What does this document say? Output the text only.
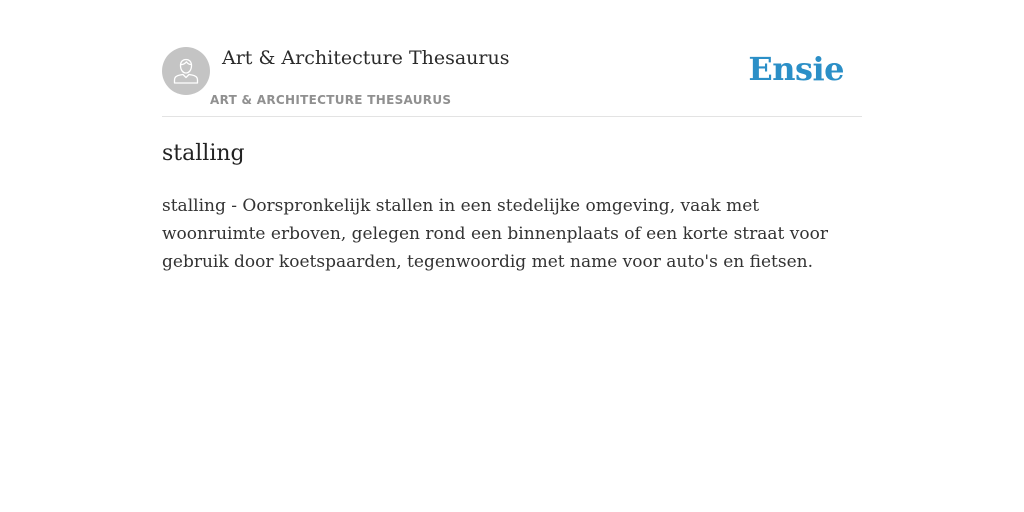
Art & Architecture Thesaurus
ART & ARCHITECTURE THESAURUS
Ensie
stalling

stalling - Oorspronkelijk stallen in een stedelijke omgeving, vaak met woonruimte erboven, gelegen rond een binnenplaats of een korte straat voor gebruik door koetspaarden, tegenwoordig met name voor auto's en fietsen.
